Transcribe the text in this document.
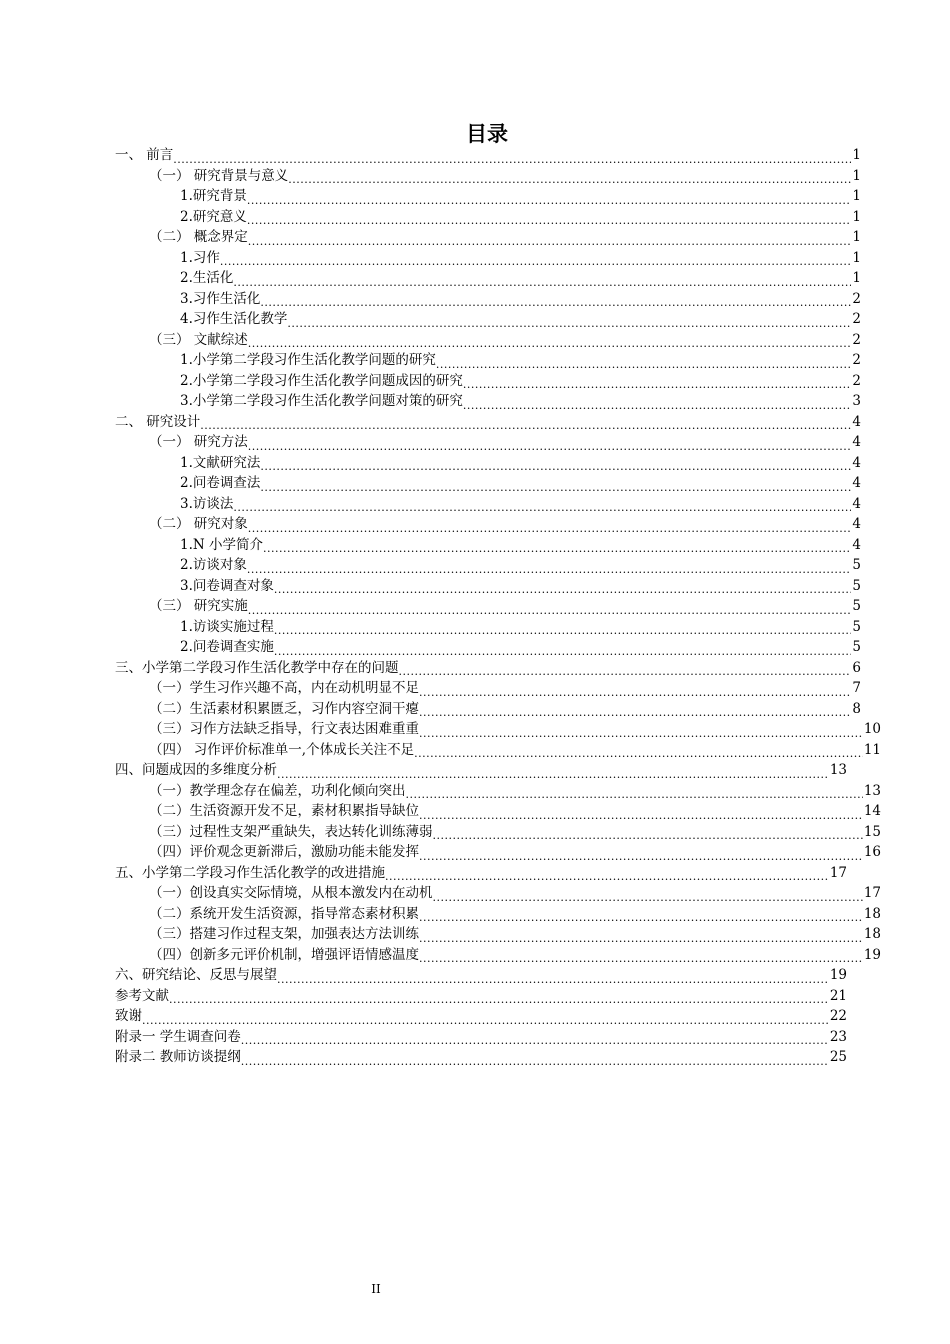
目录
一、 前言 .....	1
（一） 研究背景与意义 .....	1
1.研究背景 .....	1
2.研究意义 .....	1
（二） 概念界定 .....	1
1.习作 .....	1
2.生活化 .....	1
3.习作生活化 .....	2
4.习作生活化教学 .....	2
（三） 文献综述 .....	2
1.小学第二学段习作生活化教学问题的研究 .....	2
2.小学第二学段习作生活化教学问题成因的研究 .....	2
3.小学第二学段习作生活化教学问题对策的研究 .....	3
二、 研究设计 .....	4
（一） 研究方法 .....	4
1.文献研究法 .....	4
2.问卷调查法 .....	4
3.访谈法 .....	4
（二） 研究对象 .....	4
1.N 小学简介 .....	4
2.访谈对象 .....	5
3.问卷调查对象 .....	5
（三） 研究实施 .....	5
1.访谈实施过程 .....	5
2.问卷调查实施 .....	5
三、小学第二学段习作生活化教学中存在的问题 .....	6
（一）学生习作兴趣不高，内在动机明显不足 .....	7
（二）生活素材积累匮乏，习作内容空洞干瘪 .....	8
（三）习作方法缺乏指导，行文表达困难重重 .....	10
（四） 习作评价标准单一,个体成长关注不足 .....	11
四、问题成因的多维度分析 .....	13
（一）教学理念存在偏差，功利化倾向突出 .....	13
（二）生活资源开发不足，素材积累指导缺位 .....	14
（三）过程性支架严重缺失，表达转化训练薄弱 .....	15
（四）评价观念更新滞后，激励功能未能发挥 .....	16
五、小学第二学段习作生活化教学的改进措施 .....	17
（一）创设真实交际情境，从根本激发内在动机 .....	17
（二）系统开发生活资源，指导常态素材积累 .....	18
（三）搭建习作过程支架，加强表达方法训练 .....	18
（四）创新多元评价机制，增强评语情感温度 .....	19
六、研究结论、反思与展望 .....	19
参考文献 .....	21
致谢 .....	22
附录一 学生调查问卷 .....	23
附录二 教师访谈提纲 .....	25
II
